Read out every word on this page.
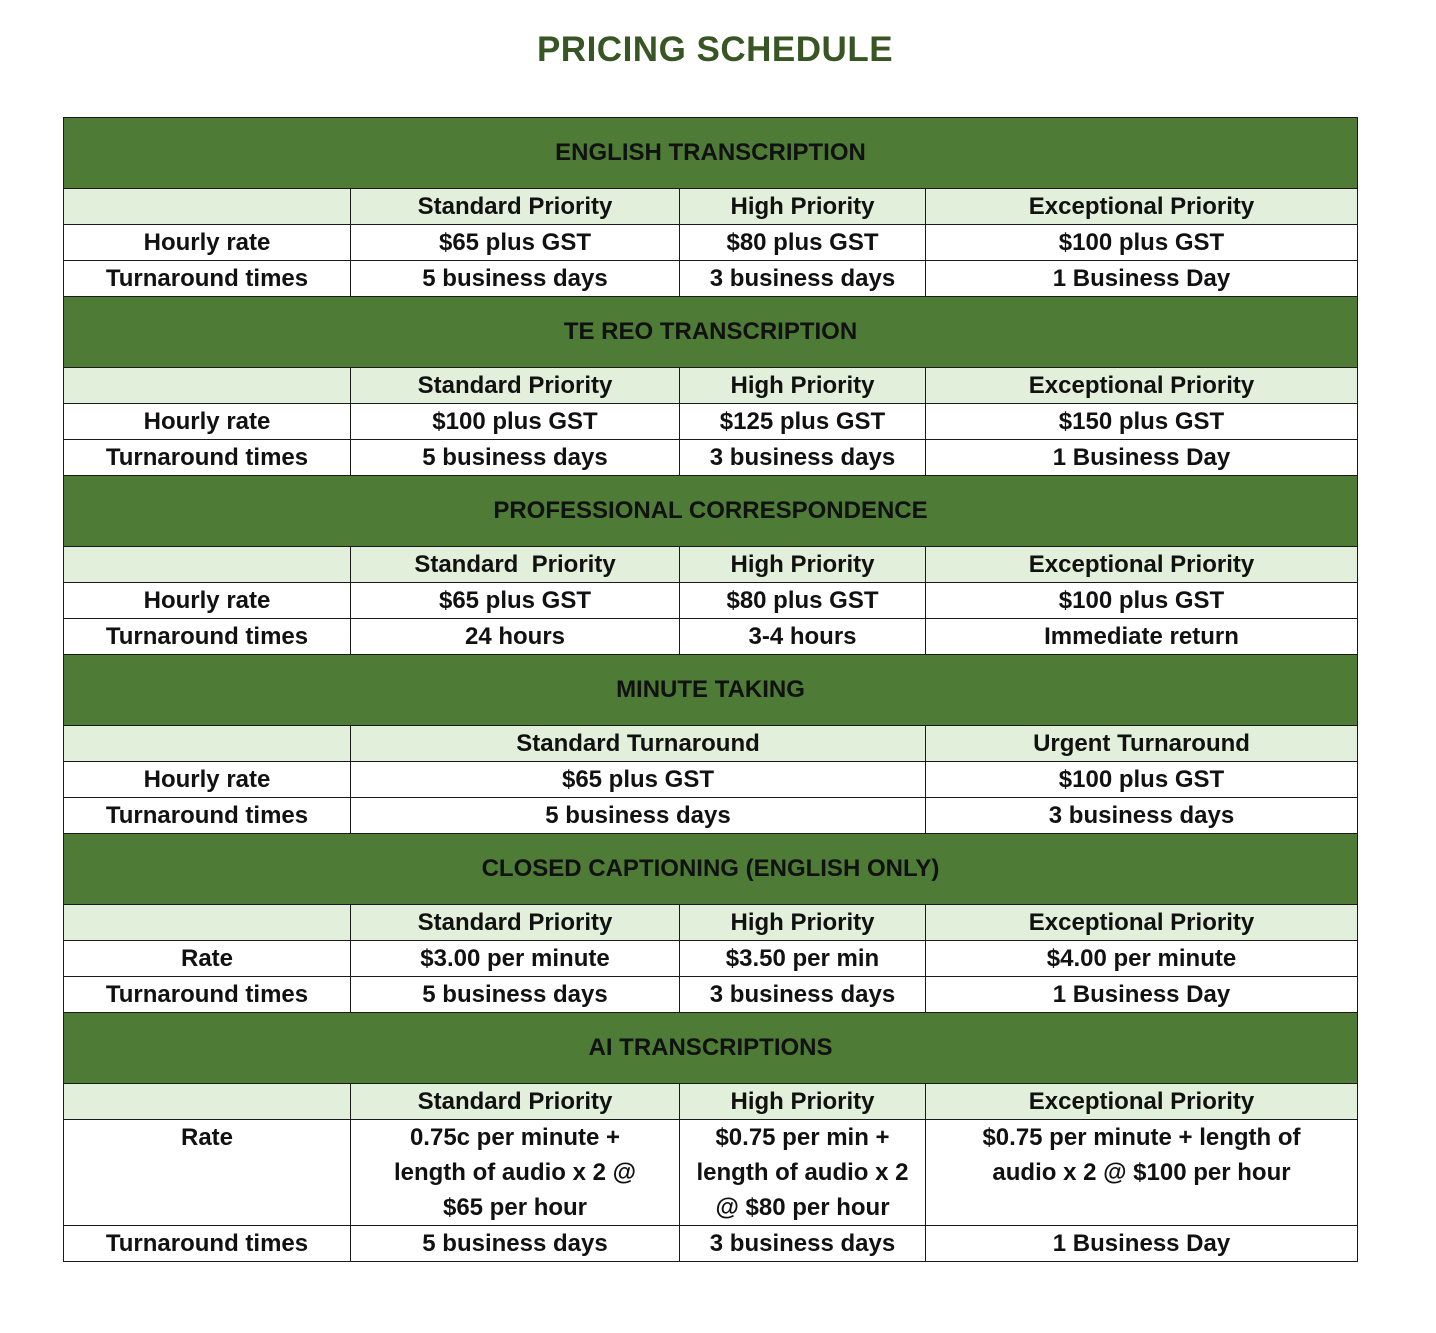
PRICING SCHEDULE
ENGLISH TRANSCRIPTION			
	Standard Priority	High Priority	Exceptional Priority
Hourly rate	$65 plus GST	$80 plus GST	$100 plus GST
Turnaround times	5 business days	3 business days	1 Business Day
TE REO TRANSCRIPTION			
	Standard Priority	High Priority	Exceptional Priority
Hourly rate	$100 plus GST	$125 plus GST	$150 plus GST
Turnaround times	5 business days	3 business days	1 Business Day
PROFESSIONAL CORRESPONDENCE			
	Standard  Priority	High Priority	Exceptional Priority
Hourly rate	$65 plus GST	$80 plus GST	$100 plus GST
Turnaround times	24 hours	3-4 hours	Immediate return
MINUTE TAKING			
	Standard Turnaround		Urgent Turnaround
Hourly rate	$65 plus GST		$100 plus GST
Turnaround times	5 business days		3 business days
CLOSED CAPTIONING (ENGLISH ONLY)			
	Standard Priority	High Priority	Exceptional Priority
Rate	$3.00 per minute	$3.50 per min	$4.00 per minute
Turnaround times	5 business days	3 business days	1 Business Day
AI TRANSCRIPTIONS			
	Standard Priority	High Priority	Exceptional Priority
Rate	0.75c per minute + length of audio x 2 @ $65 per hour	$0.75 per min + length of audio x 2 @ $80 per hour	$0.75 per minute + length of audio x 2 @ $100 per hour
Turnaround times	5 business days	3 business days	1 Business Day
